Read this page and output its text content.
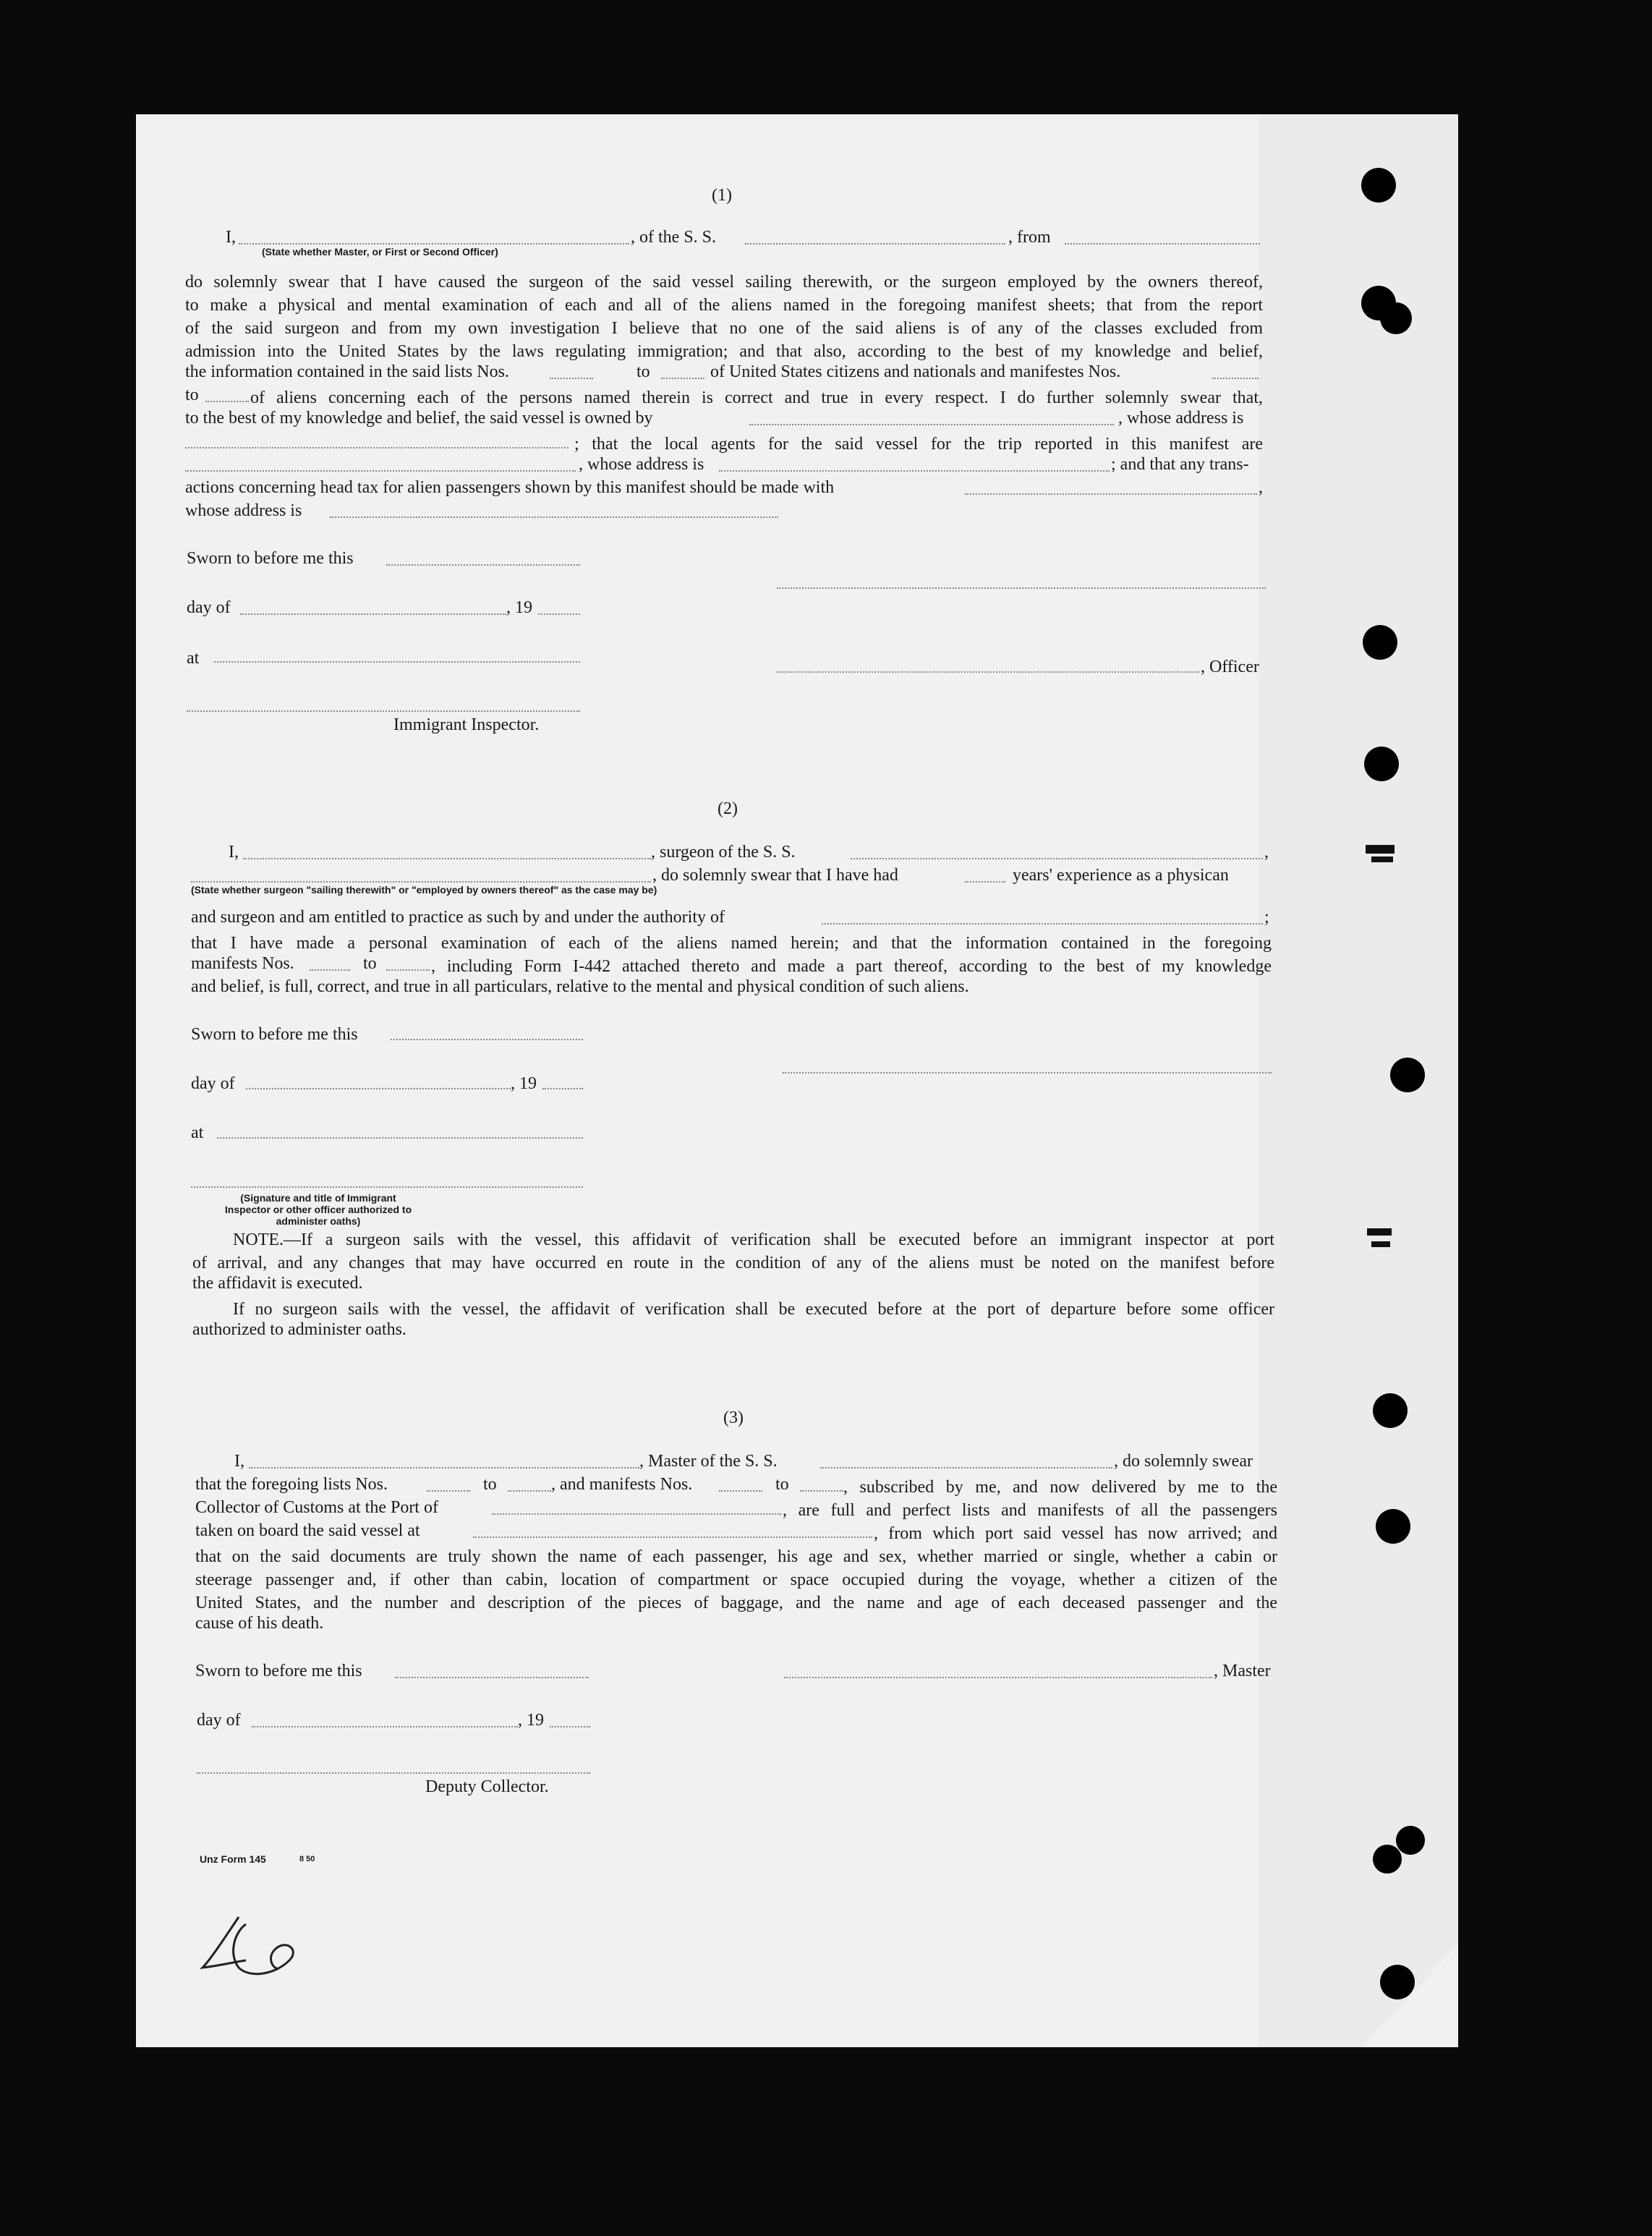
(1)
I,	, of the S. S.	, from
(State whether Master, or First or Second Officer)
do solemnly swear that I have caused the surgeon of the said vessel sailing therewith, or the surgeon employed by the owners thereof,
to make a physical and mental examination of each and all of the aliens named in the foregoing manifest sheets; that from the report
of the said surgeon and from my own investigation I believe that no one of the said aliens is of any of the classes excluded from
admission into the United States by the laws regulating immigration; and that also, according to the best of my knowledge and belief,
the information contained in the said lists Nos.	to	of United States citizens and nationals and manifestes Nos.
to	of aliens concerning each of the persons named therein is correct and true in every respect. I do further solemnly swear that,
to the best of my knowledge and belief, the said vessel is owned by	, whose address is
; that the local agents for the said vessel for the trip reported in this manifest are
, whose address is	; and that any trans-
actions concerning head tax for alien passengers shown by this manifest should be made with	,
whose address is
Sworn to before me this
day of	, 19
at	, Officer
Immigrant Inspector.
(2)
I,	, surgeon of the S. S.	,
, do solemnly swear that I have had	years' experience as a physican
(State whether surgeon "sailing therewith" or "employed by owners thereof" as the case may be)
and surgeon and am entitled to practice as such by and under the authority of	;
that I have made a personal examination of each of the aliens named herein; and that the information contained in the foregoing
manifests Nos.	to	, including Form I-442 attached thereto and made a part thereof, according to the best of my knowledge
and belief, is full, correct, and true in all particulars, relative to the mental and physical condition of such aliens.
Sworn to before me this
day of	, 19
at
(Signature and title of Immigrant Inspector or other officer authorized to administer oaths)
NOTE.—If a surgeon sails with the vessel, this affidavit of verification shall be executed before an immigrant inspector at port
of arrival, and any changes that may have occurred en route in the condition of any of the aliens must be noted on the manifest before
the affidavit is executed.
If no surgeon sails with the vessel, the affidavit of verification shall be executed before at the port of departure before some officer
authorized to administer oaths.
(3)
I,	, Master of the S. S.	, do solemnly swear
that the foregoing lists Nos.	to	, and manifests Nos.	to	, subscribed by me, and now delivered by me to the
Collector of Customs at the Port of	, are full and perfect lists and manifests of all the passengers
taken on board the said vessel at	, from which port said vessel has now arrived; and
that on the said documents are truly shown the name of each passenger, his age and sex, whether married or single, whether a cabin or
steerage passenger and, if other than cabin, location of compartment or space occupied during the voyage, whether a citizen of the
United States, and the number and description of the pieces of baggage, and the name and age of each deceased passenger and the
cause of his death.
Sworn to before me this	, Master
day of	, 19
Deputy Collector.
Unz Form 145	8 50
